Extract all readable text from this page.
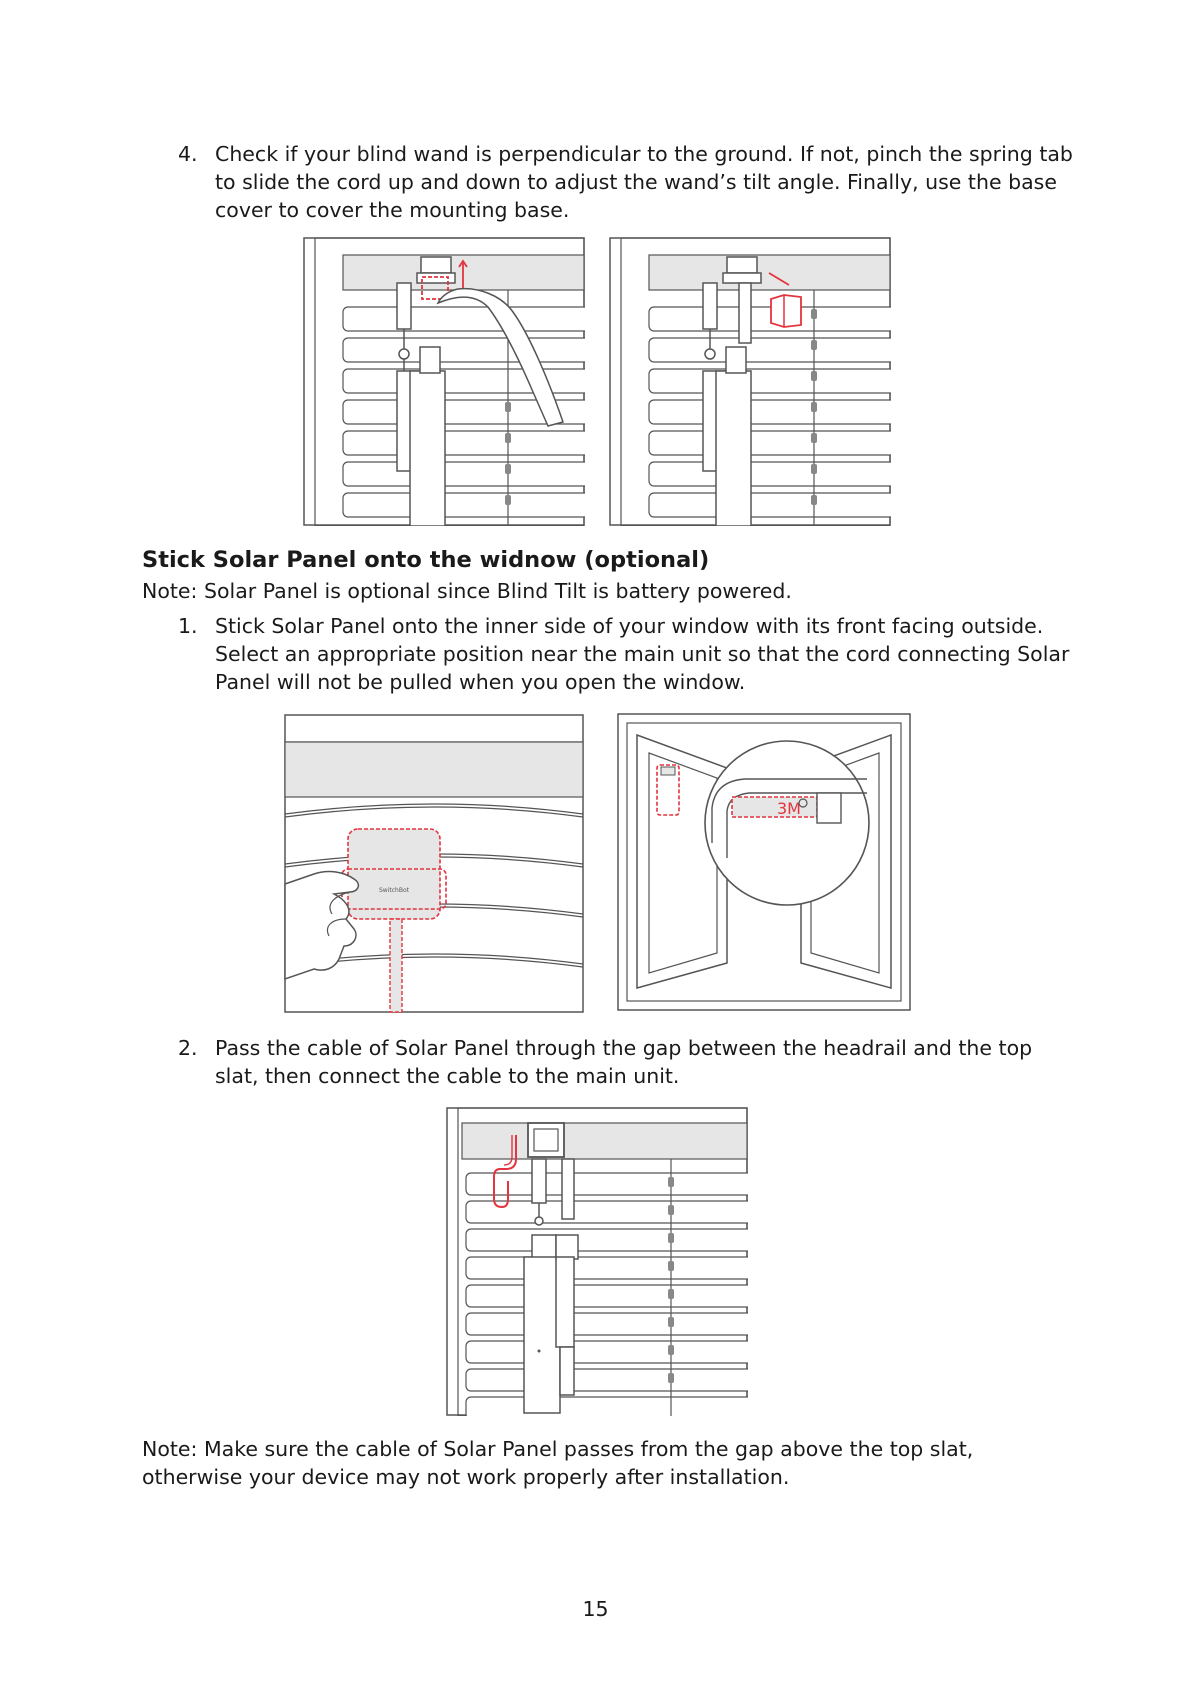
4. Check if your blind wand is perpendicular to the ground. If not, pinch the spring tab
to slide the cord up and down to adjust the wand’s tilt angle. Finally, use the base
cover to cover the mounting base.
Stick Solar Panel onto the widnow (optional)
Note: Solar Panel is optional since Blind Tilt is battery powered.
1. Stick Solar Panel onto the inner side of your window with its front facing outside.
Select an appropriate position near the main unit so that the cord connecting Solar
Panel will not be pulled when you open the window.
SwitchBot
3M
2. Pass the cable of Solar Panel through the gap between the headrail and the top
slat, then connect the cable to the main unit.
Note: Make sure the cable of Solar Panel passes from the gap above the top slat,
otherwise your device may not work properly after installation.
15
